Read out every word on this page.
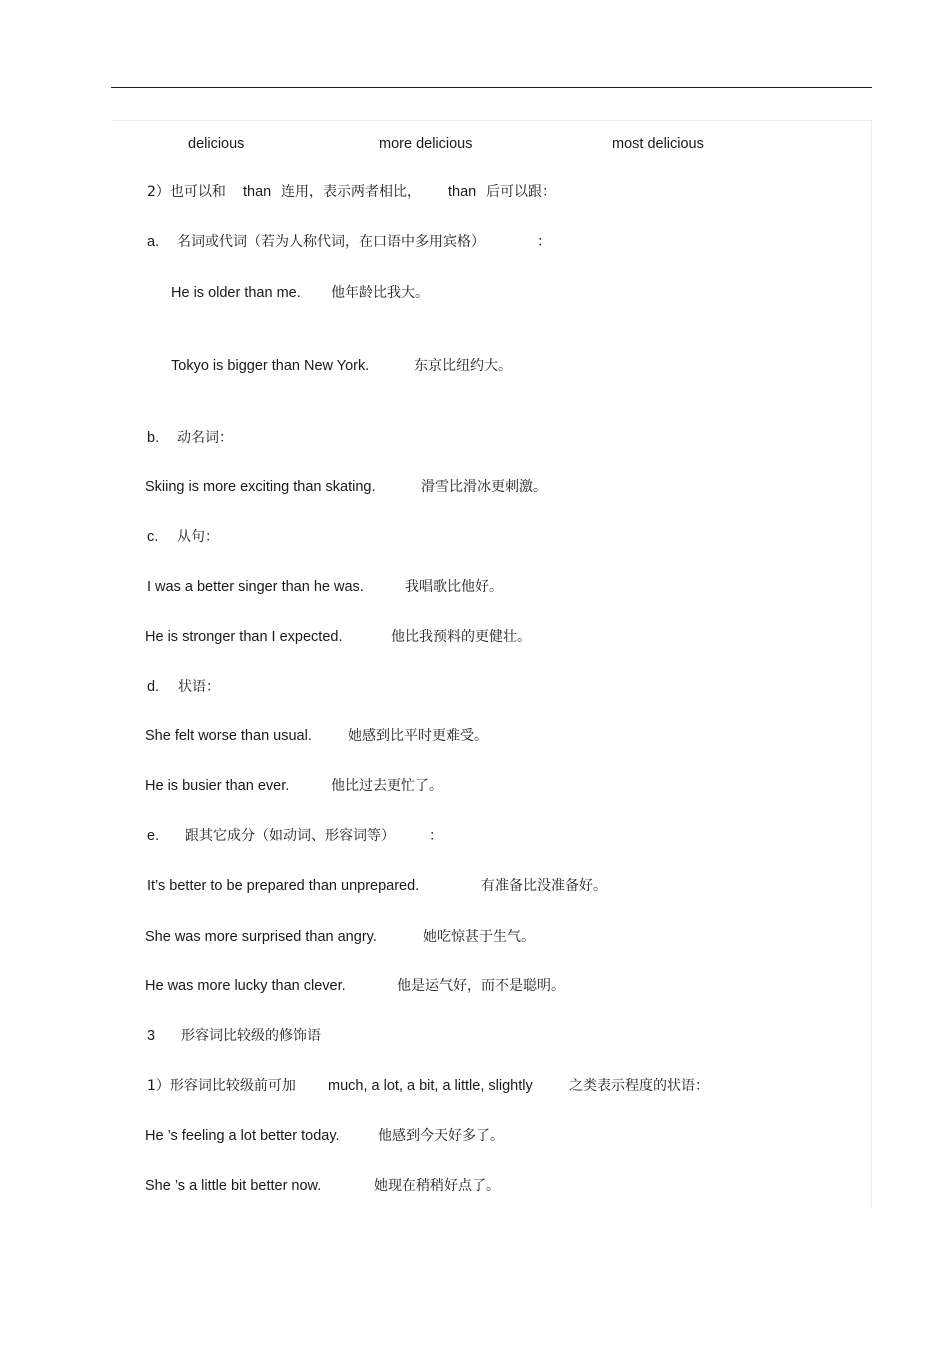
delicious	more delicious	most delicious
2）也可以和 than 连用，表示两者相比， than 后可以跟：
a. 名词或代词（若为人称代词，在口语中多用宾格）	：
He is older than me. 他年龄比我大。
Tokyo is bigger than New York.	东京比纽约大。
b. 动名词：
Skiing is more exciting than skating.	滑雪比滑冰更刺激。
c. 从句：
I was a better singer than he was.	我唱歌比他好。
He is stronger than I expected.	他比我预料的更健壮。
d. 状语：
She felt worse than usual.	她感到比平时更难受。
He is busier than ever.	他比过去更忙了。
e. 跟其它成分（如动词、形容词等） ：
It’s better to be prepared than unprepared.	有准备比没准备好。
She was more surprised than angry.	她吃惊甚于生气。
He was more lucky than clever.	他是运气好，而不是聪明。
3 形容词比较级的修饰语
1）形容词比较级前可加 much, a lot, a bit, a little, slightly	之类表示程度的状语：
He ’s feeling a lot better today.	他感到今天好多了。
She ’s a little bit better now.	她现在稍稍好点了。
